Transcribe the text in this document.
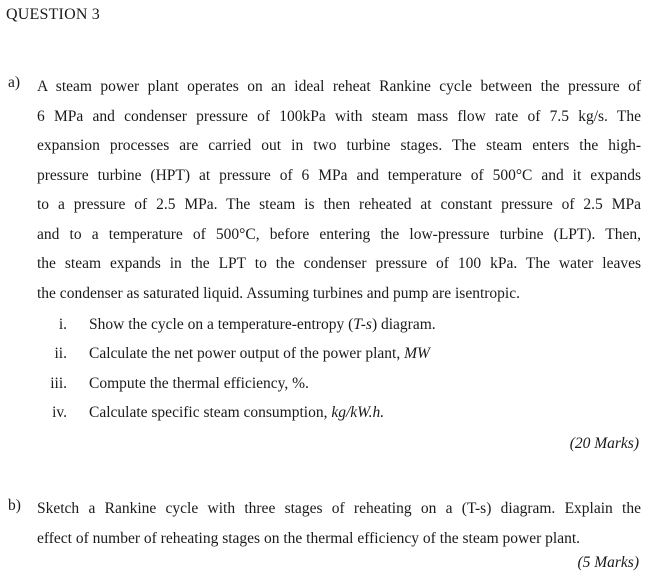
QUESTION 3
a) A steam power plant operates on an ideal reheat Rankine cycle between the pressure of
6 MPa and condenser pressure of 100kPa with steam mass flow rate of 7.5 kg/s. The
expansion processes are carried out in two turbine stages. The steam enters the high-
pressure turbine (HPT) at pressure of 6 MPa and temperature of 500°C and it expands
to a pressure of 2.5 MPa. The steam is then reheated at constant pressure of 2.5 MPa
and to a temperature of 500°C, before entering the low-pressure turbine (LPT). Then,
the steam expands in the LPT to the condenser pressure of 100 kPa. The water leaves
the condenser as saturated liquid. Assuming turbines and pump are isentropic.
i. Show the cycle on a temperature-entropy (T-s) diagram.
ii. Calculate the net power output of the power plant, MW
iii. Compute the thermal efficiency, %.
iv. Calculate specific steam consumption, kg/kW.h.
(20 Marks)
b) Sketch a Rankine cycle with three stages of reheating on a (T-s) diagram. Explain the
effect of number of reheating stages on the thermal efficiency of the steam power plant.
(5 Marks)
